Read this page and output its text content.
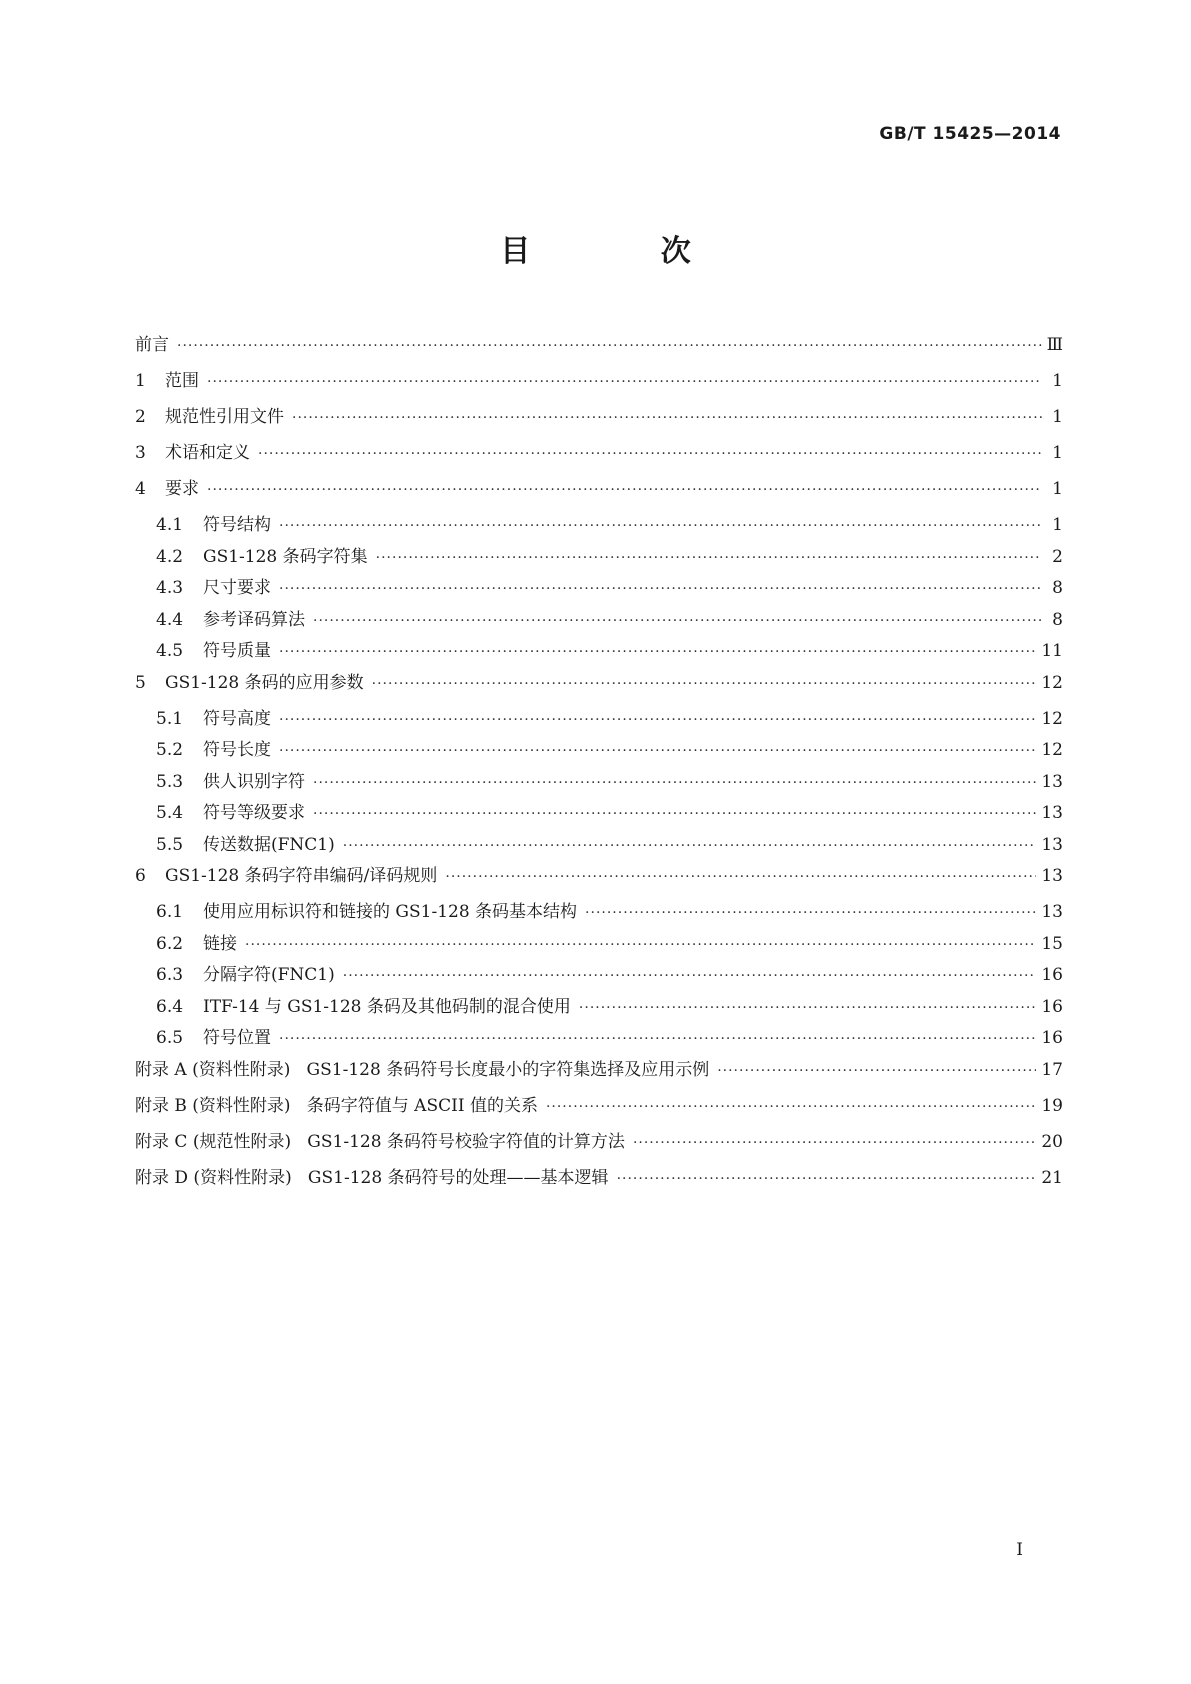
GB/T 15425—2014
目 次
前言 ·····	Ⅲ
1	范围 ·····	1
2	规范性引用文件 ·····	1
3	术语和定义 ·····	1
4	要求 ·····	1
4.1	符号结构 ·····	1
4.2	GS1-128 条码字符集 ·····	2
4.3	尺寸要求 ·····	8
4.4	参考译码算法 ·····	8
4.5	符号质量 ·····	11
5	GS1-128 条码的应用参数 ·····	12
5.1	符号高度 ·····	12
5.2	符号长度 ·····	12
5.3	供人识别字符 ·····	13
5.4	符号等级要求 ·····	13
5.5	传送数据(FNC1) ·····	13
6	GS1-128 条码字符串编码/译码规则 ·····	13
6.1	使用应用标识符和链接的 GS1-128 条码基本结构 ·····	13
6.2	链接 ·····	15
6.3	分隔字符(FNC1) ·····	16
6.4	ITF-14 与 GS1-128 条码及其他码制的混合使用 ·····	16
6.5	符号位置 ·····	16
附录 A (资料性附录)   GS1-128 条码符号长度最小的字符集选择及应用示例 ·····	17
附录 B (资料性附录)   条码字符值与 ASCII 值的关系 ·····	19
附录 C (规范性附录)   GS1-128 条码符号校验字符值的计算方法 ·····	20
附录 D (资料性附录)   GS1-128 条码符号的处理——基本逻辑 ·····	21
I
